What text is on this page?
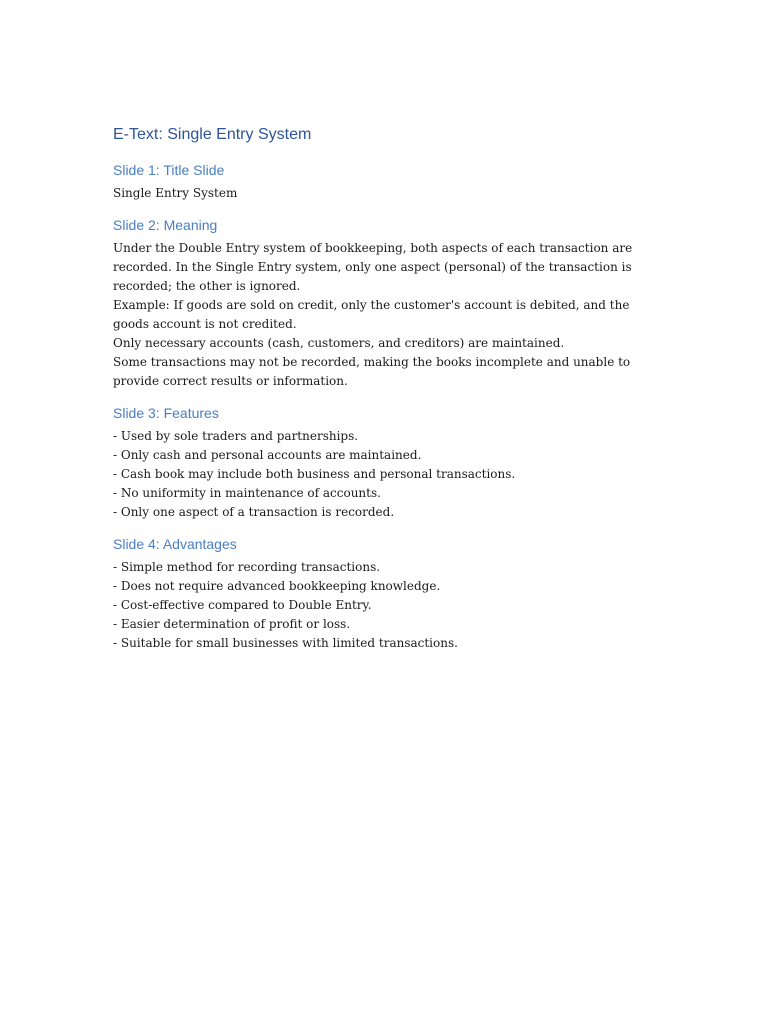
E-Text: Single Entry System
Slide 1: Title Slide

Single Entry System

Slide 2: Meaning

Under the Double Entry system of bookkeeping, both aspects of each transaction are recorded. In the Single Entry system, only one aspect (personal) of the transaction is recorded; the other is ignored.

Example: If goods are sold on credit, only the customer's account is debited, and the goods account is not credited.

Only necessary accounts (cash, customers, and creditors) are maintained.

Some transactions may not be recorded, making the books incomplete and unable to provide correct results or information.

Slide 3: Features

- Used by sole traders and partnerships.

- Only cash and personal accounts are maintained.

- Cash book may include both business and personal transactions.

- No uniformity in maintenance of accounts.

- Only one aspect of a transaction is recorded.

Slide 4: Advantages

- Simple method for recording transactions.

- Does not require advanced bookkeeping knowledge.

- Cost-effective compared to Double Entry.

- Easier determination of profit or loss.

- Suitable for small businesses with limited transactions.
